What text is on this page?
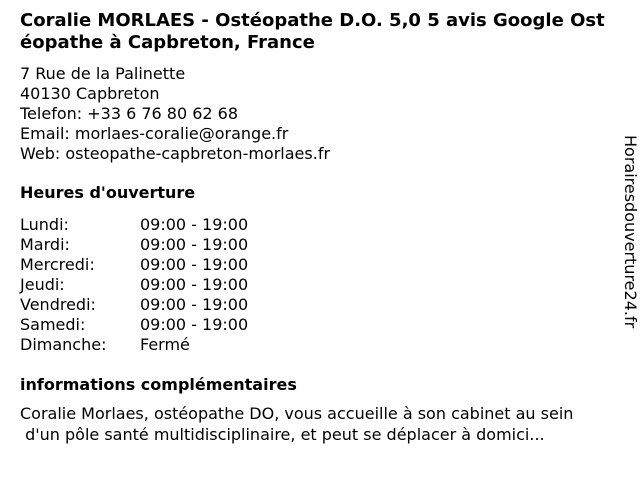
Coralie MORLAES - Ostéopathe D.O. 5,0 5 avis Google Ostéopathe à Capbreton, France
7 Rue de la Palinette
40130 Capbreton
Telefon: +33 6 76 80 62 68
Email: morlaes-coralie@orange.fr
Web: osteopathe-capbreton-morlaes.fr
Heures d'ouverture
Lundi:	09:00 - 19:00
Mardi:	09:00 - 19:00
Mercredi:	09:00 - 19:00
Jeudi:	09:00 - 19:00
Vendredi:	09:00 - 19:00
Samedi:	09:00 - 19:00
Dimanche:	Fermé
informations complémentaires
Coralie Morlaes, ostéopathe DO, vous accueille à son cabinet au sein
d'un pôle santé multidisciplinaire, et peut se déplacer à domici...
Horairesdouverture24.fr
